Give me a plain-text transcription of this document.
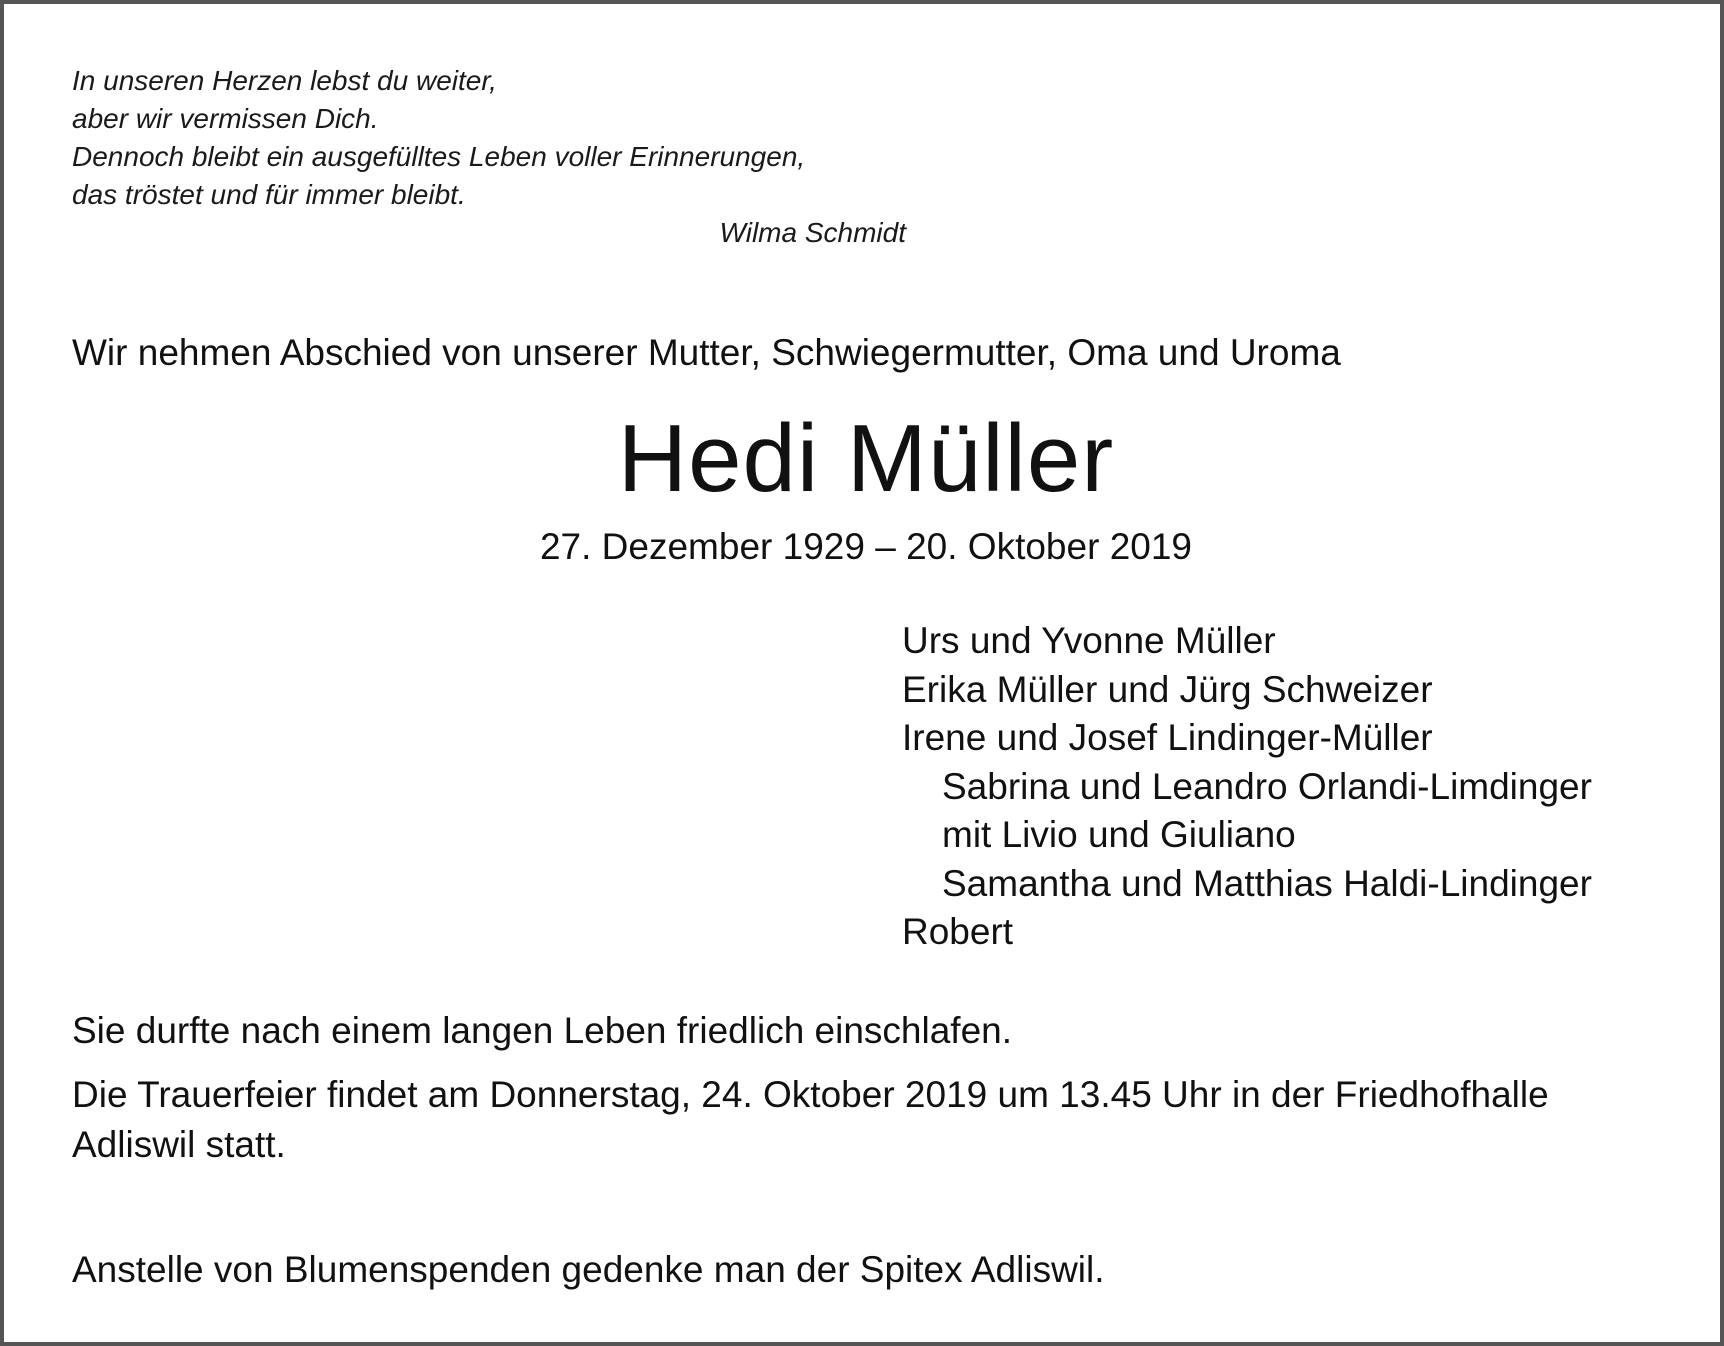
In unseren Herzen lebst du weiter,
aber wir vermissen Dich.
Dennoch bleibt ein ausgefülltes Leben voller Erinnerungen,
das tröstet und für immer bleibt.
Wilma Schmidt
Wir nehmen Abschied von unserer Mutter, Schwiegermutter, Oma und Uroma
Hedi Müller
27. Dezember 1929 – 20. Oktober 2019
Urs und Yvonne Müller
Erika Müller und Jürg Schweizer
Irene und Josef Lindinger-Müller
Sabrina und Leandro Orlandi-Limdinger
mit Livio und Giuliano
Samantha und Matthias Haldi-Lindinger
Robert
Sie durfte nach einem langen Leben friedlich einschlafen.
Die Trauerfeier findet am Donnerstag, 24. Oktober 2019 um 13.45 Uhr in der Friedhofhalle Adliswil statt.
Anstelle von Blumenspenden gedenke man der Spitex Adliswil.
